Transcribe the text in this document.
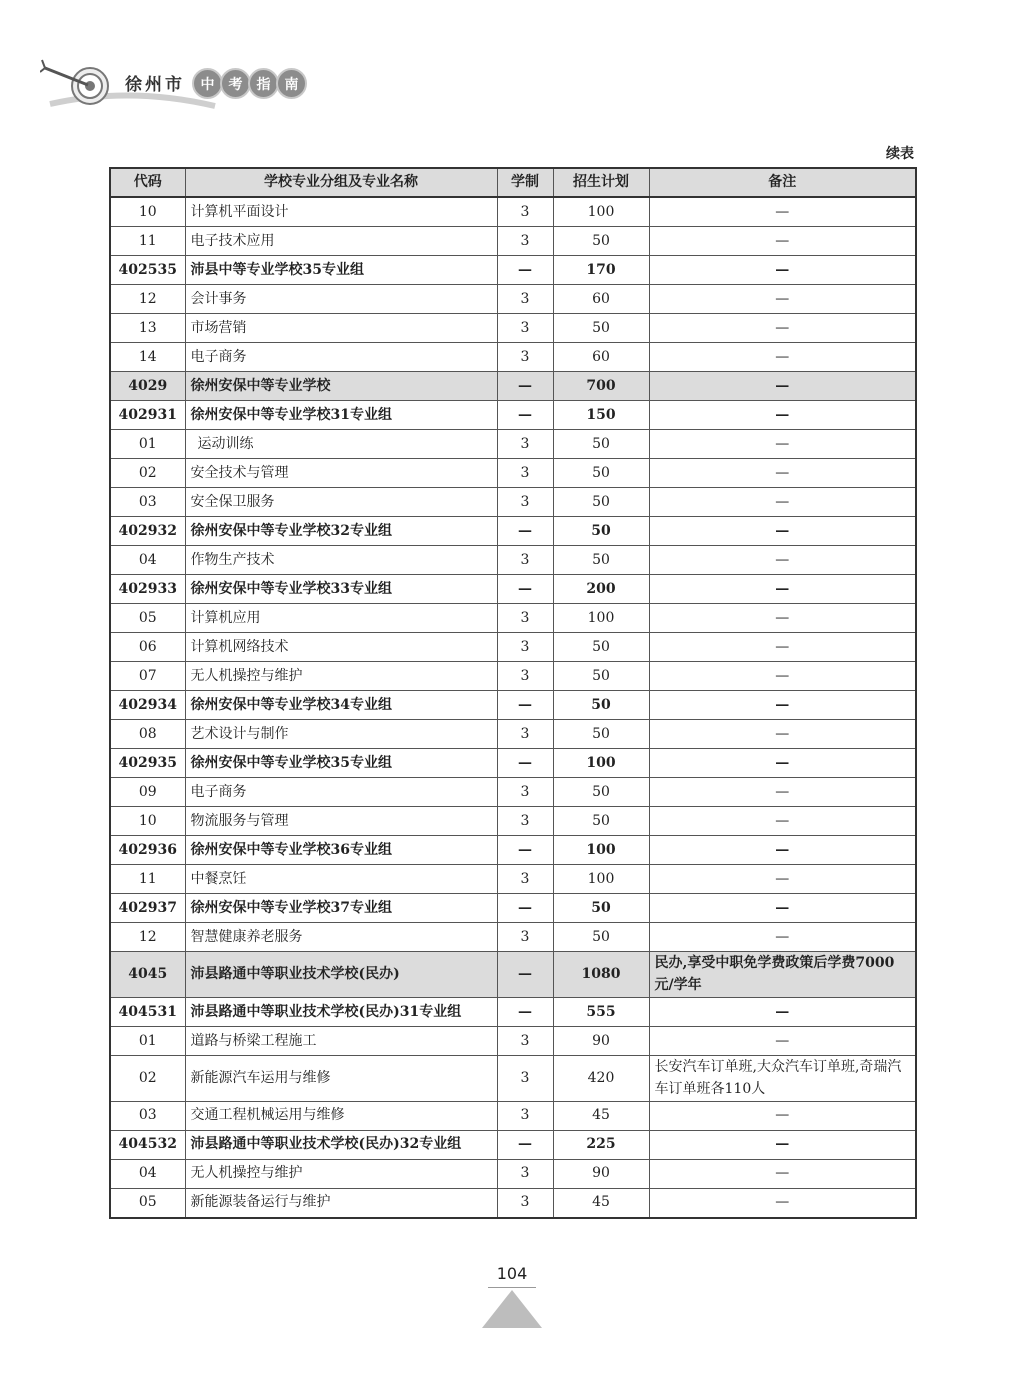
徐州市	中	考	指	南
续表
代码	学校专业分组及专业名称	学制	招生计划	备注
10	计算机平面设计	3	100	—
11	电子技术应用	3	50	—
402535	沛县中等专业学校35专业组	—	170	—
12	会计事务	3	60	—
13	市场营销	3	50	—
14	电子商务	3	60	—
4029	徐州安保中等专业学校	—	700	—
402931	徐州安保中等专业学校31专业组	—	150	—
01	运动训练	3	50	—
02	安全技术与管理	3	50	—
03	安全保卫服务	3	50	—
402932	徐州安保中等专业学校32专业组	—	50	—
04	作物生产技术	3	50	—
402933	徐州安保中等专业学校33专业组	—	200	—
05	计算机应用	3	100	—
06	计算机网络技术	3	50	—
07	无人机操控与维护	3	50	—
402934	徐州安保中等专业学校34专业组	—	50	—
08	艺术设计与制作	3	50	—
402935	徐州安保中等专业学校35专业组	—	100	—
09	电子商务	3	50	—
10	物流服务与管理	3	50	—
402936	徐州安保中等专业学校36专业组	—	100	—
11	中餐烹饪	3	100	—
402937	徐州安保中等专业学校37专业组	—	50	—
12	智慧健康养老服务	3	50	—
4045	沛县路通中等职业技术学校(民办)	—	1080	民办,享受中职免学费政策后学费7000元/学年
404531	沛县路通中等职业技术学校(民办)31专业组	—	555	—
01	道路与桥梁工程施工	3	90	—
02	新能源汽车运用与维修	3	420	长安汽车订单班,大众汽车订单班,奇瑞汽车订单班各110人
03	交通工程机械运用与维修	3	45	—
404532	沛县路通中等职业技术学校(民办)32专业组	—	225	—
04	无人机操控与维护	3	90	—
05	新能源装备运行与维护	3	45	—
104
